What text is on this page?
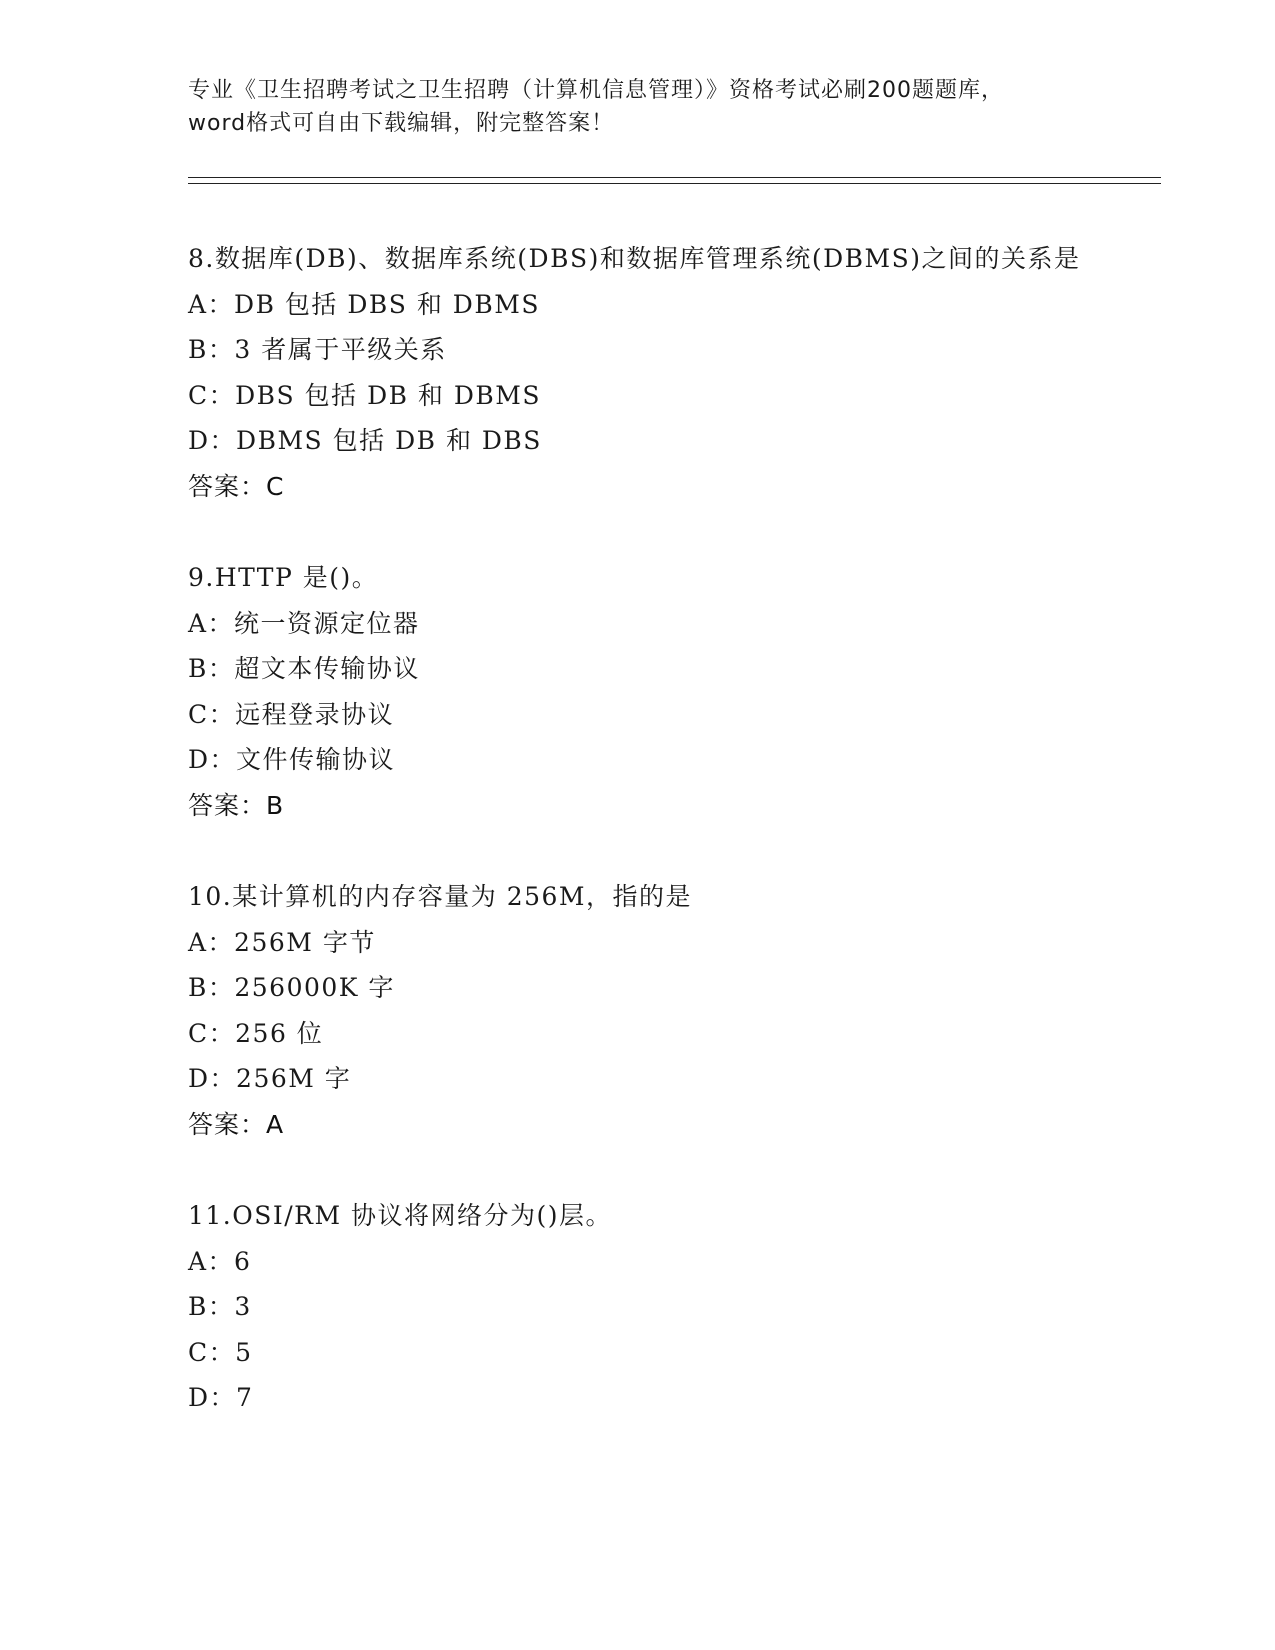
专业《卫生招聘考试之卫生招聘（计算机信息管理）》资格考试必刷200题题库，
word格式可自由下载编辑，附完整答案！
8.数据库(DB)、数据库系统(DBS)和数据库管理系统(DBMS)之间的关系是
A：DB 包括 DBS 和 DBMS
B：3 者属于平级关系
C：DBS 包括 DB 和 DBMS
D：DBMS 包括 DB 和 DBS
答案：C
9.HTTP 是()。
A：统一资源定位器
B：超文本传输协议
C：远程登录协议
D：文件传输协议
答案：B
10.某计算机的内存容量为 256M，指的是
A：256M 字节
B：256000K 字
C：256 位
D：256M 字
答案：A
11.OSI/RM 协议将网络分为()层。
A：6
B：3
C：5
D：7
